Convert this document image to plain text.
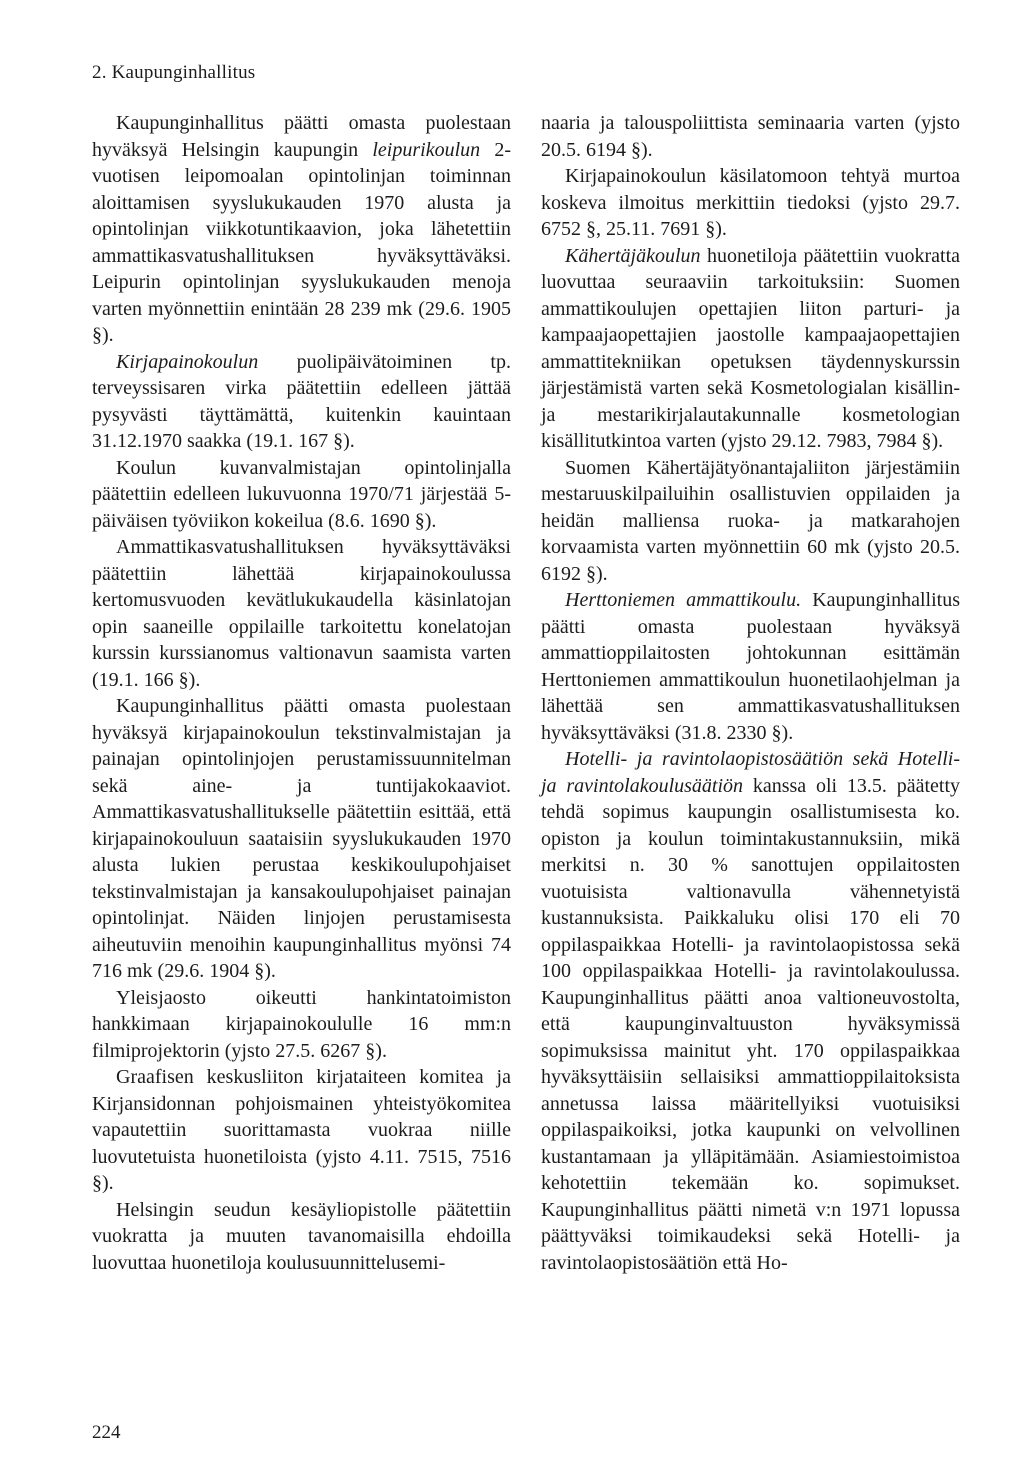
2. Kaupunginhallitus

Kaupunginhallitus päätti omasta puolestaan hyväksyä Helsingin kaupungin leipurikoulun 2-vuotisen leipomoalan opintolinjan toiminnan aloittamisen syyslukukauden 1970 alusta ja opintolinjan viikkotuntikaavion, joka lähetettiin ammattikasvatushallituksen hyväksyttäväksi. Leipurin opintolinjan syyslukukauden menoja varten myönnettiin enintään 28 239 mk (29.6. 1905 §).

Kirjapainokoulun puolipäivätoiminen tp. terveyssisaren virka päätettiin edelleen jättää pysyvästi täyttämättä, kuitenkin kauintaan 31.12.1970 saakka (19.1. 167 §).

Koulun kuvanvalmistajan opintolinjalla päätettiin edelleen lukuvuonna 1970/71 järjestää 5-päiväisen työviikon kokeilua (8.6. 1690 §).

Ammattikasvatushallituksen hyväksyttäväksi päätettiin lähettää kirjapainokoulussa kertomusvuoden kevätlukukaudella käsinlatojan opin saaneille oppilaille tarkoitettu konelatojan kurssin kurssianomus valtionavun saamista varten (19.1. 166 §).

Kaupunginhallitus päätti omasta puolestaan hyväksyä kirjapainokoulun tekstinvalmistajan ja painajan opintolinjojen perustamissuunnitelman sekä aine- ja tuntijakokaaviot. Ammattikasvatushallitukselle päätettiin esittää, että kirjapainokouluun saataisiin syyslukukauden 1970 alusta lukien perustaa keskikoulupohjaiset tekstinvalmistajan ja kansakoulupohjaiset painajan opintolinjat. Näiden linjojen perustamisesta aiheutuviin menoihin kaupunginhallitus myönsi 74 716 mk (29.6. 1904 §).

Yleisjaosto oikeutti hankintatoimiston hankkimaan kirjapainokoululle 16 mm:n filmiprojektorin (yjsto 27.5. 6267 §).

Graafisen keskusliiton kirjataiteen komitea ja Kirjansidonnan pohjoismainen yhteistyökomitea vapautettiin suorittamasta vuokraa niille luovutetuista huonetiloista (yjsto 4.11. 7515, 7516 §).

Helsingin seudun kesäyliopistolle päätettiin vuokratta ja muuten tavanomaisilla ehdoilla luovuttaa huonetiloja koulusuunnittelusemi-

naaria ja talouspoliittista seminaaria varten (yjsto 20.5. 6194 §).

Kirjapainokoulun käsilatomoon tehtyä murtoa koskeva ilmoitus merkittiin tiedoksi (yjsto 29.7. 6752 §, 25.11. 7691 §).

Kähertäjäkoulun huonetiloja päätettiin vuokratta luovuttaa seuraaviin tarkoituksiin: Suomen ammattikoulujen opettajien liiton parturi- ja kampaajaopettajien jaostolle kampaajaopettajien ammattitekniikan opetuksen täydennyskurssin järjestämistä varten sekä Kosmetologialan kisällin- ja mestarikirjalautakunnalle kosmetologian kisällitutkintoa varten (yjsto 29.12. 7983, 7984 §).

Suomen Kähertäjätyönantajaliiton järjestämiin mestaruuskilpailuihin osallistuvien oppilaiden ja heidän malliensa ruoka- ja matkarahojen korvaamista varten myönnettiin 60 mk (yjsto 20.5. 6192 §).

Herttoniemen ammattikoulu. Kaupunginhallitus päätti omasta puolestaan hyväksyä ammattioppilaitosten johtokunnan esittämän Herttoniemen ammattikoulun huonetilaohjelman ja lähettää sen ammattikasvatushallituksen hyväksyttäväksi (31.8. 2330 §).

Hotelli- ja ravintolaopistosäätiön sekä Hotelli- ja ravintolakoulusäätiön kanssa oli 13.5. päätetty tehdä sopimus kaupungin osallistumisesta ko. opiston ja koulun toimintakustannuksiin, mikä merkitsi n. 30 % sanottujen oppilaitosten vuotuisista valtionavulla vähennetyistä kustannuksista. Paikkaluku olisi 170 eli 70 oppilaspaikkaa Hotelli- ja ravintolaopistossa sekä 100 oppilaspaikkaa Hotelli- ja ravintolakoulussa. Kaupunginhallitus päätti anoa valtioneuvostolta, että kaupunginvaltuuston hyväksymissä sopimuksissa mainitut yht. 170 oppilaspaikkaa hyväksyttäisiin sellaisiksi ammattioppilaitoksista annetussa laissa määritellyiksi vuotuisiksi oppilaspaikoiksi, jotka kaupunki on velvollinen kustantamaan ja ylläpitämään. Asiamiestoimistoa kehotettiin tekemään ko. sopimukset. Kaupunginhallitus päätti nimetä v:n 1971 lopussa päättyväksi toimikaudeksi sekä Hotelli- ja ravintolaopistosäätiön että Ho-

224
